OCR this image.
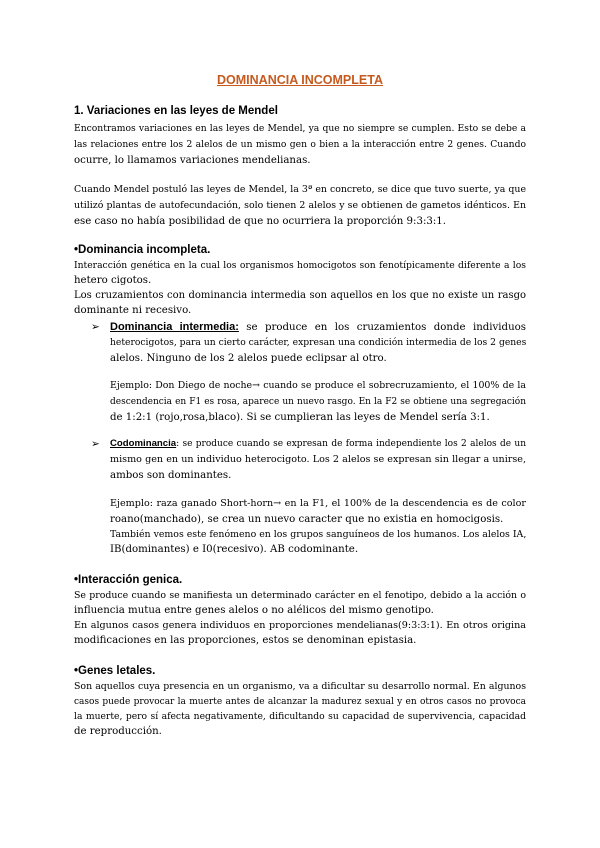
DOMINANCIA INCOMPLETA
1. Variaciones en las leyes de Mendel
Encontramos variaciones en las leyes de Mendel, ya que no siempre se cumplen. Esto se debe a
las relaciones entre los 2 alelos de un mismo gen o bien a la interacción entre 2 genes. Cuando
ocurre, lo llamamos variaciones mendelianas.
Cuando Mendel postuló las leyes de Mendel, la 3ª en concreto, se dice que tuvo suerte, ya que
utilizó plantas de autofecundación, solo tienen 2 alelos y se obtienen de gametos idénticos. En
ese caso no había posibilidad de que no ocurriera la proporción 9:3:3:1.
•Dominancia incompleta.
Interacción genética en la cual los organismos homocigotos son fenotípicamente diferente a los
hetero cigotos.
Los cruzamientos con dominancia intermedia son aquellos en los que no existe un rasgo
dominante ni recesivo.
➢ Dominancia intermedia: se produce en los cruzamientos donde individuos
heterocigotos, para un cierto carácter, expresan una condición intermedia de los 2 genes
alelos. Ninguno de los 2 alelos puede eclipsar al otro.
Ejemplo: Don Diego de noche→ cuando se produce el sobrecruzamiento, el 100% de la
descendencia en F1 es rosa, aparece un nuevo rasgo. En la F2 se obtiene una segregación
de 1:2:1 (rojo,rosa,blaco). Si se cumplieran las leyes de Mendel sería 3:1.
➢ Codominancia: se produce cuando se expresan de forma independiente los 2 alelos de un
mismo gen en un individuo heterocigoto. Los 2 alelos se expresan sin llegar a unirse,
ambos son dominantes.
Ejemplo: raza ganado Short-horn→ en la F1, el 100% de la descendencia es de color
roano(manchado), se crea un nuevo caracter que no existia en homocigosis.
También vemos este fenómeno en los grupos sanguíneos de los humanos. Los alelos IA,
IB(dominantes) e I0(recesivo). AB codominante.
•Interacción genica.
Se produce cuando se manifiesta un determinado carácter en el fenotipo, debido a la acción o
influencia mutua entre genes alelos o no alélicos del mismo genotipo.
En algunos casos genera individuos en proporciones mendelianas(9:3:3:1). En otros origina
modificaciones en las proporciones, estos se denominan epistasia.
•Genes letales.
Son aquellos cuya presencia en un organismo, va a dificultar su desarrollo normal. En algunos
casos puede provocar la muerte antes de alcanzar la madurez sexual y en otros casos no provoca
la muerte, pero sí afecta negativamente, dificultando su capacidad de supervivencia, capacidad
de reproducción.
